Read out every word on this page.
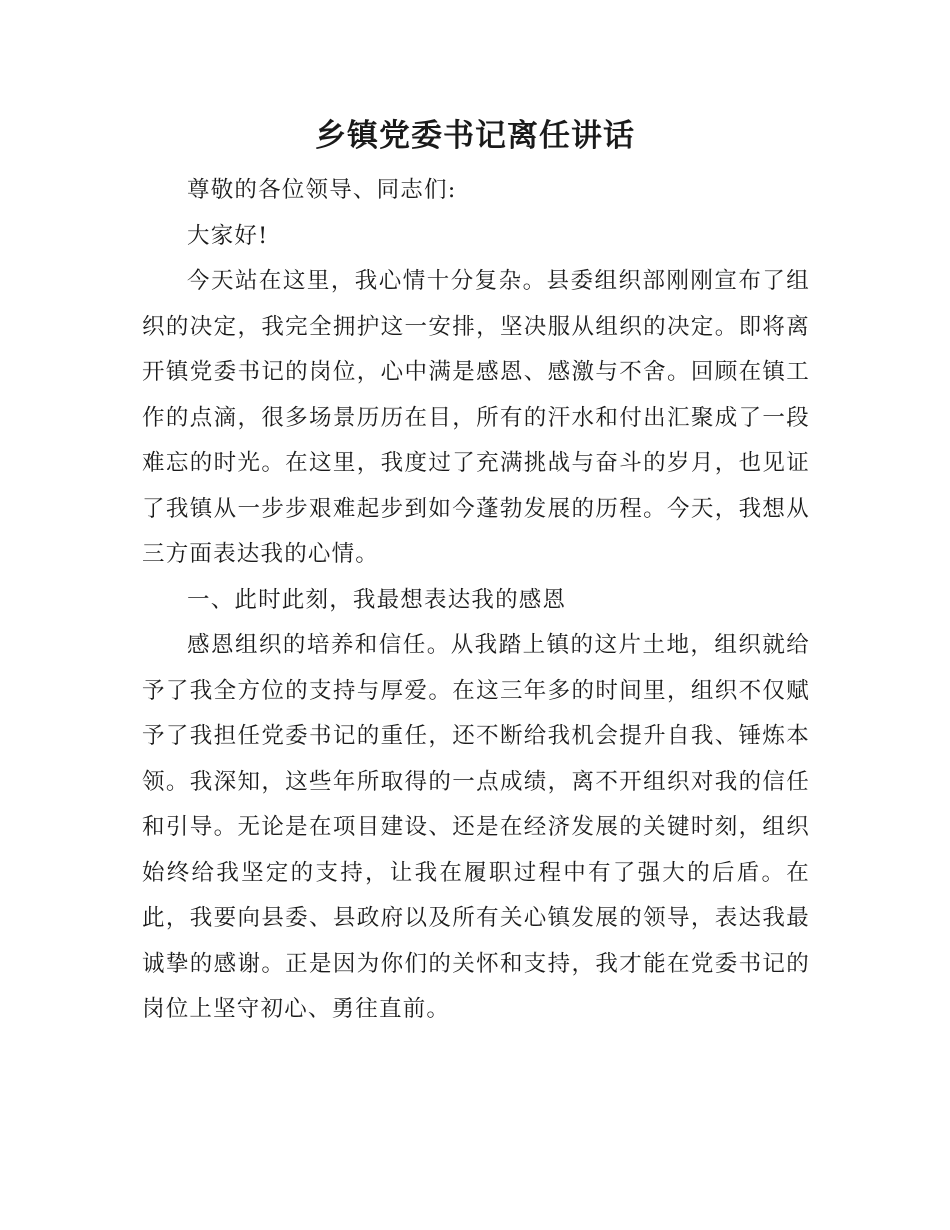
乡镇党委书记离任讲话

尊敬的各位领导、同志们:

大家好!

今天站在这里，我心情十分复杂。县委组织部刚刚宣布了组织的决定，我完全拥护这一安排，坚决服从组织的决定。即将离开镇党委书记的岗位，心中满是感恩、感激与不舍。回顾在镇工作的点滴，很多场景历历在目，所有的汗水和付出汇聚成了一段难忘的时光。在这里，我度过了充满挑战与奋斗的岁月，也见证了我镇从一步步艰难起步到如今蓬勃发展的历程。今天，我想从三方面表达我的心情。

一、此时此刻，我最想表达我的感恩

感恩组织的培养和信任。从我踏上镇的这片土地，组织就给予了我全方位的支持与厚爱。在这三年多的时间里，组织不仅赋予了我担任党委书记的重任，还不断给我机会提升自我、锤炼本领。我深知，这些年所取得的一点成绩，离不开组织对我的信任和引导。无论是在项目建设、还是在经济发展的关键时刻，组织始终给我坚定的支持，让我在履职过程中有了强大的后盾。在此，我要向县委、县政府以及所有关心镇发展的领导，表达我最诚挚的感谢。正是因为你们的关怀和支持，我才能在党委书记的岗位上坚守初心、勇往直前。
